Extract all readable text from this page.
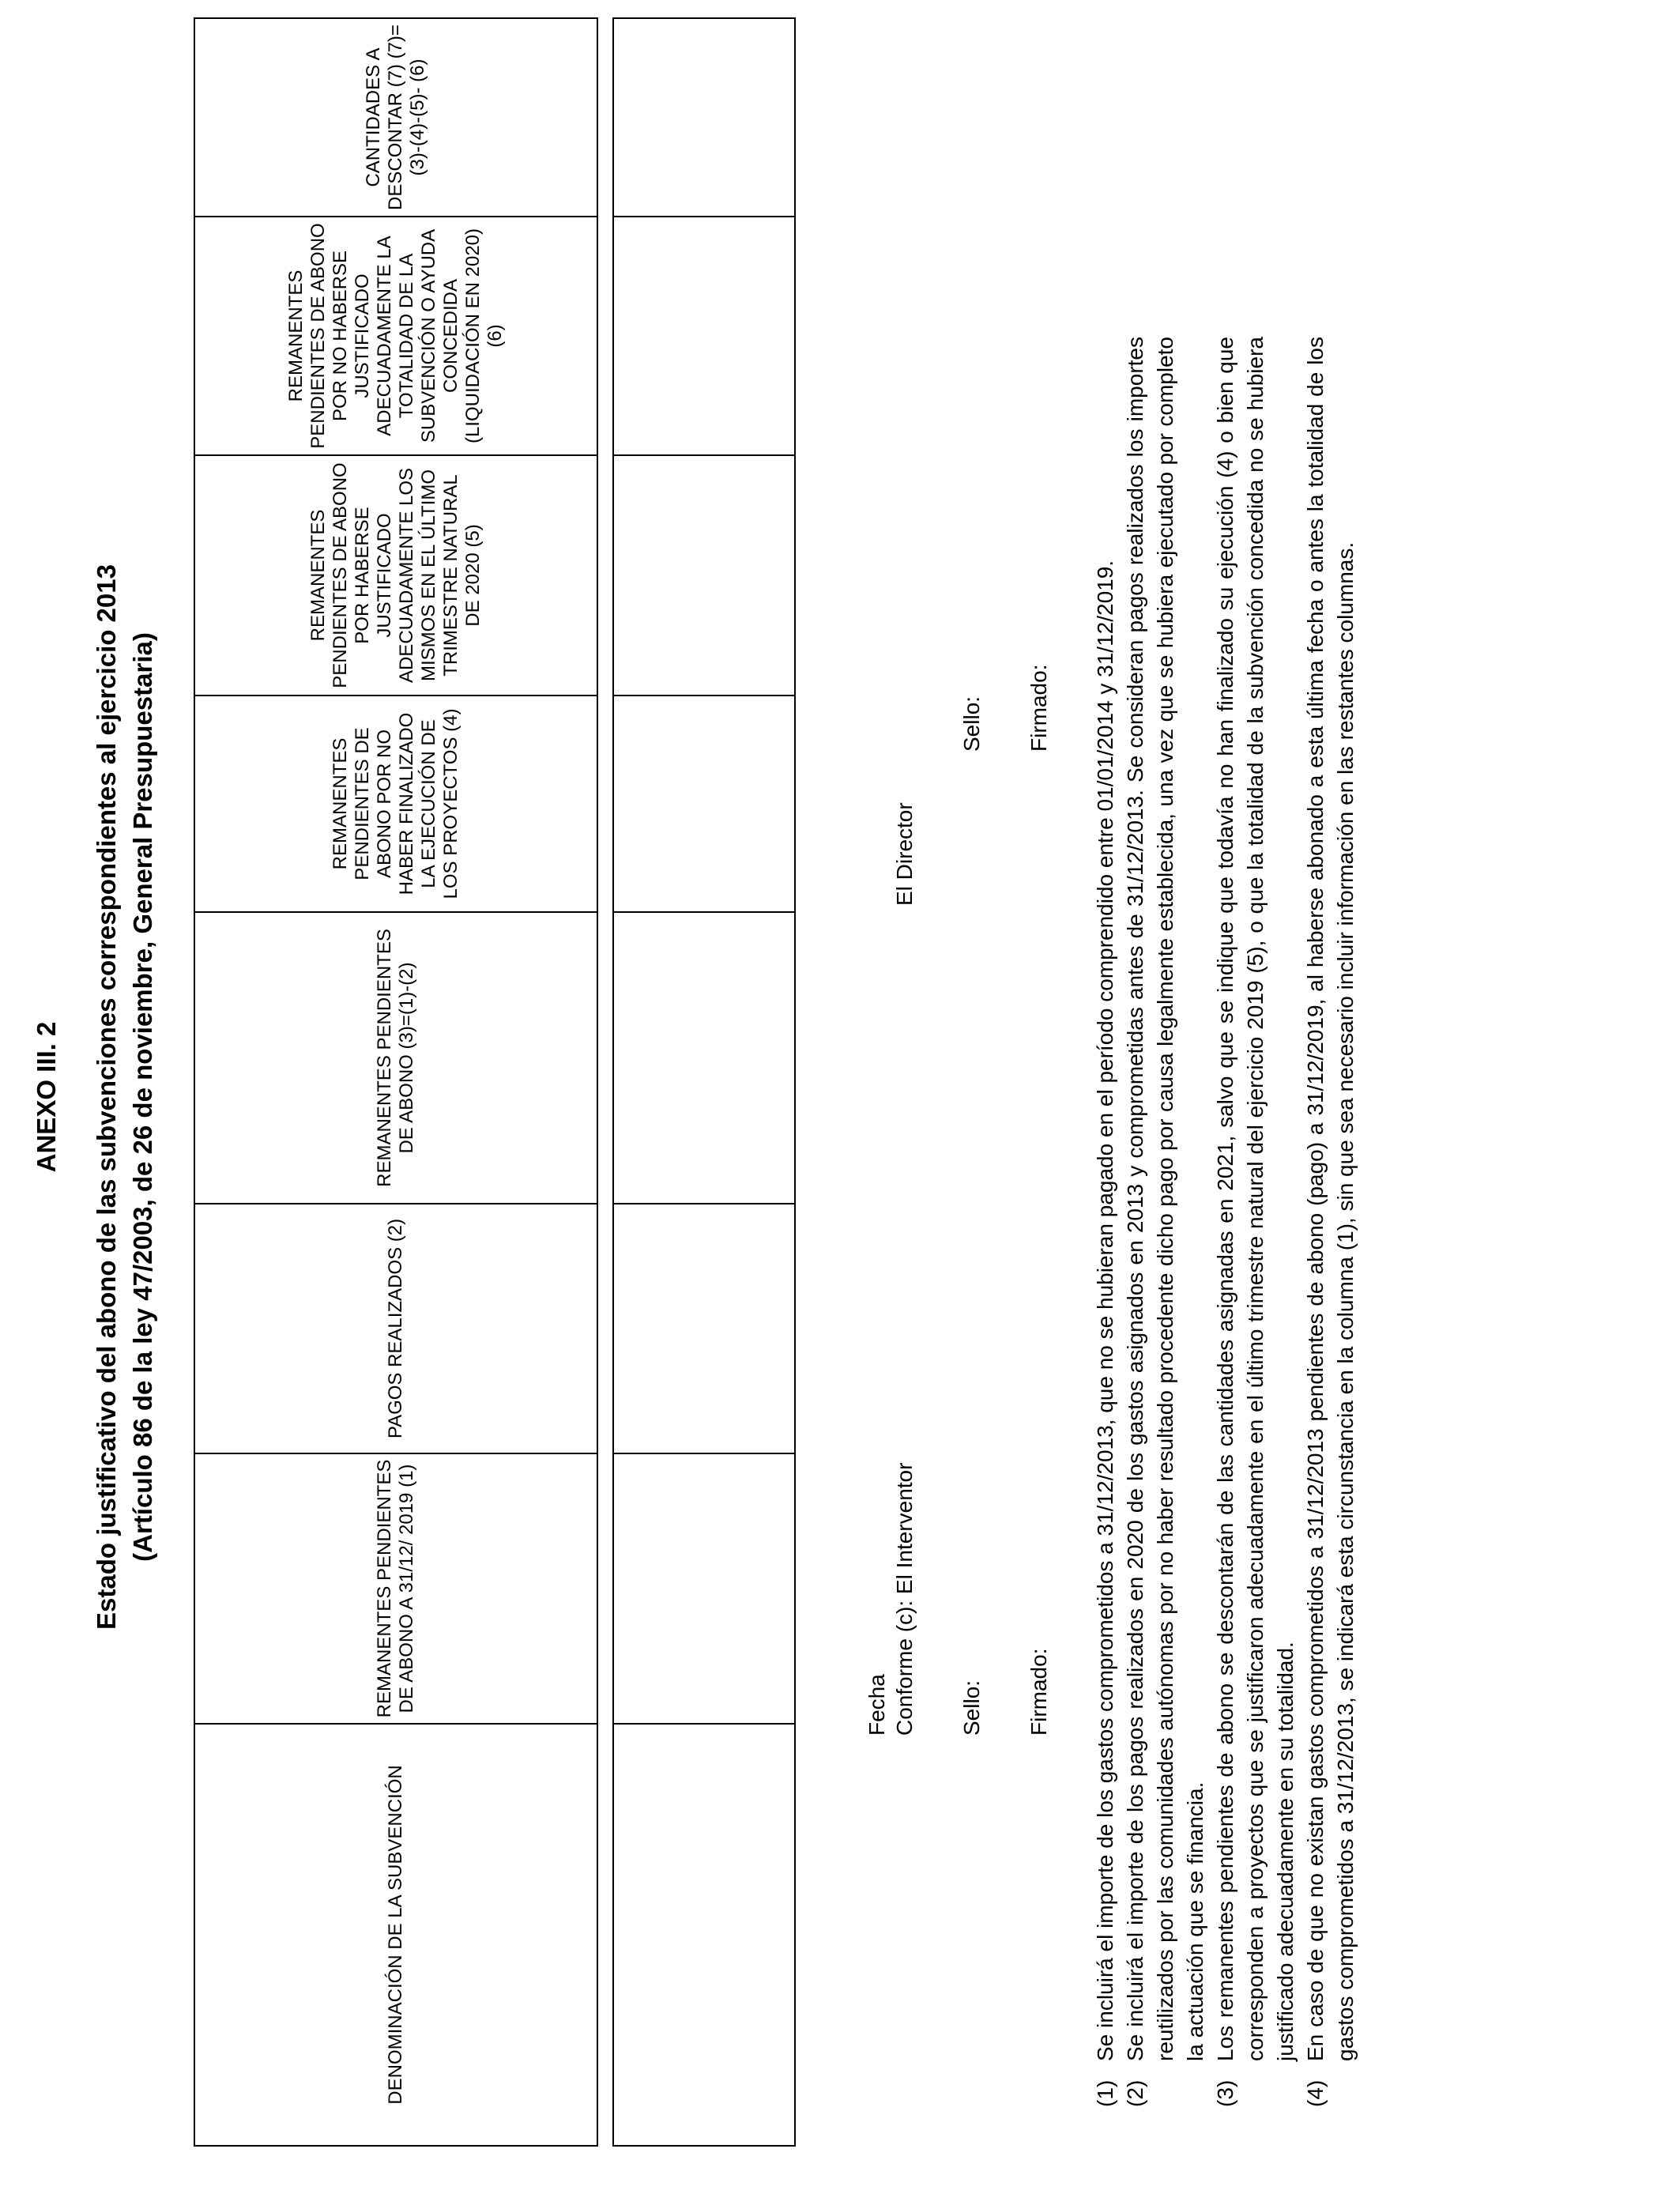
ANEXO III. 2 Estado justificativo del abono de las subvenciones correspondientes al ejercicio 2013 (Artículo 86 de la ley 47/2003, de 26 de noviembre, General Presupuestaria)
DENOMINACIÓN DE LA SUBVENCIÓN	REMANENTES PENDIENTES DE ABONO A 31/12/ 2019 (1)	PAGOS REALIZADOS (2)	REMANENTES PENDIENTES DE ABONO (3)=(1)-(2)	REMANENTES PENDIENTES DE ABONO POR NO HABER FINALIZADO LA EJECUCIÓN DE LOS PROYECTOS (4)	REMANENTES PENDIENTES DE ABONO POR HABERSE JUSTIFICADO ADECUADAMENTE LOS MISMOS EN EL ÚLTIMO TRIMESTRE NATURAL DE 2020 (5)	REMANENTES PENDIENTES DE ABONO POR NO HABERSE JUSTIFICADO ADECUADAMENTE LA TOTALIDAD DE LA SUBVENCIÓN O AYUDA CONCEDIDA (LIQUIDACIÓN EN 2020) (6)	CANTIDADES A DESCONTAR (7) (7)=(3)-(4)-(5)- (6)

Fecha Conforme (c): El Interventor Sello: Firmado:
El Director
Sello: Firmado:
(1)
Se incluirá el importe de los gastos comprometidos a 31/12/2013, que no se hubieran pagado en el período comprendido entre 01/01/2014 y 31/12/2019.
(2)
Se incluirá el importe de los pagos realizados en 2020 de los gastos asignados en 2013 y comprometidas antes de 31/12/2013. Se consideran pagos realizados los importes reutilizados por las comunidades autónomas por no haber resultado procedente dicho pago por causa legalmente establecida, una vez que se hubiera ejecutado por completo la actuación que se financia.
(3)
Los remanentes pendientes de abono se descontarán de las cantidades asignadas en 2021, salvo que se indique que todavía no han finalizado su ejecución (4) o bien que corresponden a proyectos que se justificaron adecuadamente en el último trimestre natural del ejercicio 2019 (5), o que la totalidad de la subvención concedida no se hubiera justificado adecuadamente en su totalidad.
(4)
En caso de que no existan gastos comprometidos a 31/12/2013 pendientes de abono (pago) a 31/12/2019, al haberse abonado a esta última fecha o antes la totalidad de los gastos comprometidos a 31/12/2013, se indicará esta circunstancia en la columna (1), sin que sea necesario incluir información en las restantes columnas.
